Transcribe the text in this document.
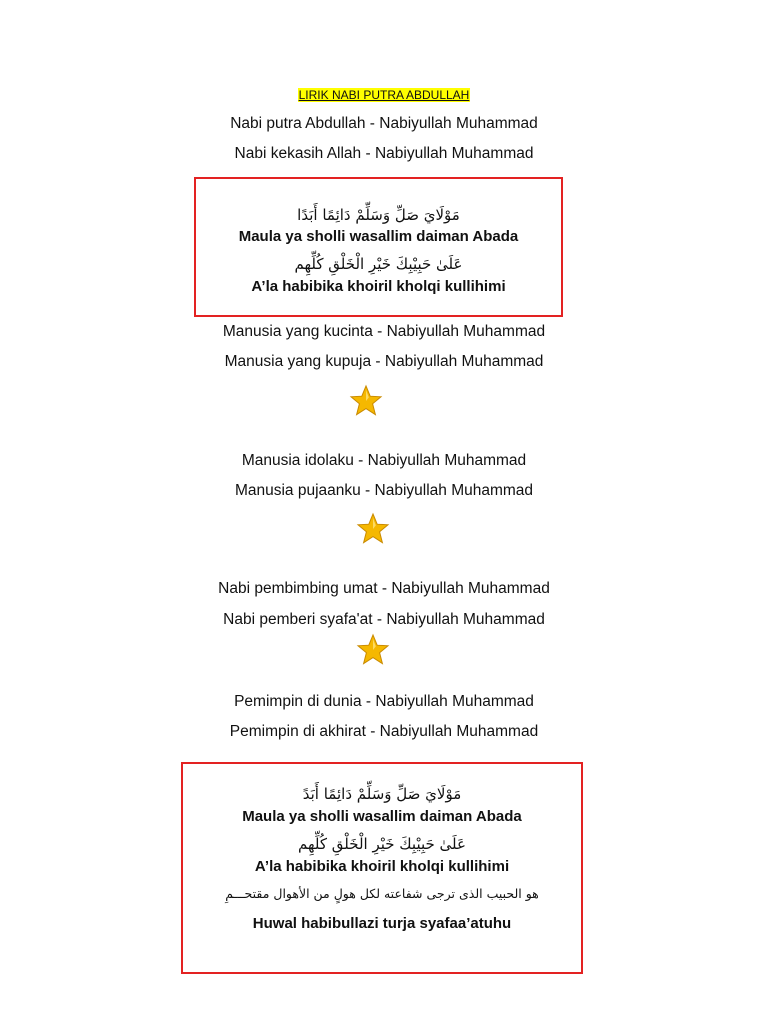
LIRIK NABI PUTRA ABDULLAH
Nabi putra Abdullah - Nabiyullah Muhammad
Nabi kekasih Allah - Nabiyullah Muhammad
مَوْلَايَ صَلِّ وَسَلِّمْ دَائِمًا أَبَدًا
Maula ya sholli wasallim daiman Abada
عَلَىٰ حَبِيْبِكَ خَيْرِ الْخَلْقِ كُلِّهِم
A’la habibika khoiril kholqi kullihimi
Manusia yang kucinta - Nabiyullah Muhammad
Manusia yang kupuja - Nabiyullah Muhammad
Manusia idolaku - Nabiyullah Muhammad
Manusia pujaanku - Nabiyullah Muhammad
Nabi pembimbing umat - Nabiyullah Muhammad
Nabi pemberi syafa'at - Nabiyullah Muhammad
Pemimpin di dunia - Nabiyullah Muhammad
Pemimpin di akhirat - Nabiyullah Muhammad
مَوْلَايَ صَلِّ وَسَلِّمْ دَائِمًا أَبَدً
Maula ya sholli wasallim daiman Abada
عَلَىٰ حَبِيْبِكَ خَيْرِ الْخَلْقِ كُلِّهِم
A’la habibika khoiril kholqi kullihimi
هو الحبيب الذى ترجى شفاعته لكل هولٍ من الأهوال مقتحـــمِ
Huwal habibullazi turja syafaa’atuhu
